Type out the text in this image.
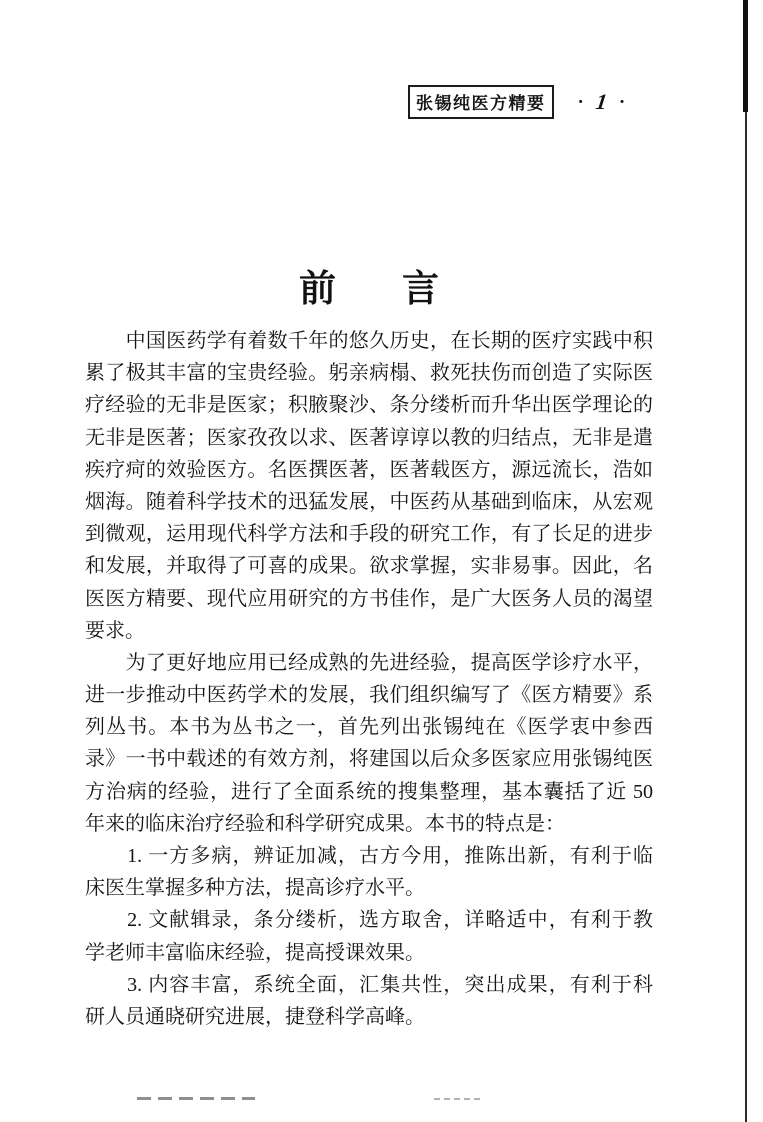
张锡纯医方精要	· 1 ·
前 言
　　中国医药学有着数千年的悠久历史，在长期的医疗实践中积
累了极其丰富的宝贵经验。躬亲病榻、救死扶伤而创造了实际医
疗经验的无非是医家；积腋聚沙、条分缕析而升华出医学理论的
无非是医著；医家孜孜以求、医著谆谆以教的归结点，无非是遣
疾疗疴的效验医方。名医撰医著，医著载医方，源远流长，浩如
烟海。随着科学技术的迅猛发展，中医药从基础到临床，从宏观
到微观，运用现代科学方法和手段的研究工作，有了长足的进步
和发展，并取得了可喜的成果。欲求掌握，实非易事。因此，名
医医方精要、现代应用研究的方书佳作，是广大医务人员的渴望
要求。
　　为了更好地应用已经成熟的先进经验，提高医学诊疗水平，
进一步推动中医药学术的发展，我们组织编写了《医方精要》系
列丛书。本书为丛书之一，首先列出张锡纯在《医学衷中参西
录》一书中载述的有效方剂，将建国以后众多医家应用张锡纯医
方治病的经验，进行了全面系统的搜集整理，基本囊括了近 50
年来的临床治疗经验和科学研究成果。本书的特点是：
　　1. 一方多病，辨证加减，古方今用，推陈出新，有利于临
床医生掌握多种方法，提高诊疗水平。
　　2. 文献辑录，条分缕析，选方取舍，详略适中，有利于教
学老师丰富临床经验，提高授课效果。
　　3. 内容丰富，系统全面，汇集共性，突出成果，有利于科
研人员通晓研究进展，捷登科学高峰。
